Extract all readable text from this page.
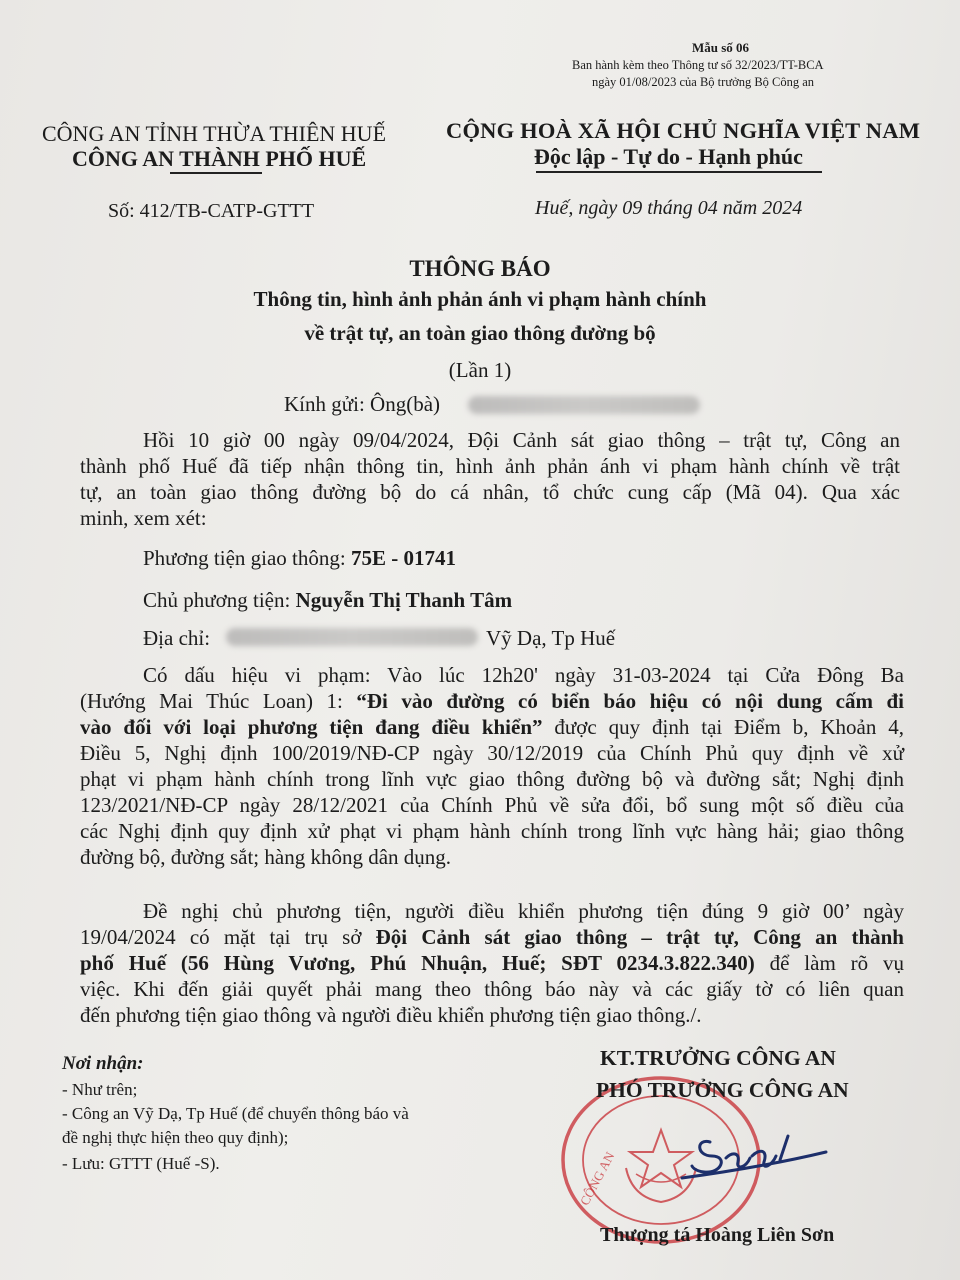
Mẫu số 06
Ban hành kèm theo Thông tư số 32/2023/TT-BCA
ngày 01/08/2023 của Bộ trưởng Bộ Công an
CÔNG AN TỈNH THỪA THIÊN HUẾ
CÔNG AN THÀNH PHỐ HUẾ
CỘNG HOÀ XÃ HỘI CHỦ NGHĨA VIỆT NAM
Độc lập - Tự do - Hạnh phúc
Số: 412/TB-CATP-GTTT	Huế, ngày 09 tháng 04 năm 2024
THÔNG BÁO
Thông tin, hình ảnh phản ánh vi phạm hành chính
về trật tự, an toàn giao thông đường bộ
(Lần 1)
Kính gửi: Ông(bà)
Hồi 10 giờ 00 ngày 09/04/2024, Đội Cảnh sát giao thông – trật tự, Công an
thành phố Huế đã tiếp nhận thông tin, hình ảnh phản ánh vi phạm hành chính về trật
tự, an toàn giao thông đường bộ do cá nhân, tổ chức cung cấp (Mã 04). Qua xác
minh, xem xét:
Phương tiện giao thông: 75E - 01741
Chủ phương tiện: Nguyễn Thị Thanh Tâm
Địa chỉ:	Vỹ Dạ, Tp Huế
Có dấu hiệu vi phạm: Vào lúc 12h20' ngày 31-03-2024 tại Cửa Đông Ba
(Hướng Mai Thúc Loan) 1: “Đi vào đường có biển báo hiệu có nội dung cấm đi
vào đối với loại phương tiện đang điều khiển” được quy định tại Điểm b, Khoản 4,
Điều 5, Nghị định 100/2019/NĐ-CP ngày 30/12/2019 của Chính Phủ quy định về xử
phạt vi phạm hành chính trong lĩnh vực giao thông đường bộ và đường sắt; Nghị định
123/2021/NĐ-CP ngày 28/12/2021 của Chính Phủ về sửa đổi, bổ sung một số điều của
các Nghị định quy định xử phạt vi phạm hành chính trong lĩnh vực hàng hải; giao thông
đường bộ, đường sắt; hàng không dân dụng.
Đề nghị chủ phương tiện, người điều khiển phương tiện đúng 9 giờ 00’ ngày
19/04/2024 có mặt tại trụ sở Đội Cảnh sát giao thông – trật tự, Công an thành
phố Huế (56 Hùng Vương, Phú Nhuận, Huế; SĐT 0234.3.822.340) để làm rõ vụ
việc. Khi đến giải quyết phải mang theo thông báo này và các giấy tờ có liên quan
đến phương tiện giao thông và người điều khiển phương tiện giao thông./.
Nơi nhận:
- Như trên;
- Công an Vỹ Dạ, Tp Huế (để chuyển thông báo và
đề nghị thực hiện theo quy định);
- Lưu: GTTT (Huế -S).	CÔNG AN
KT.TRƯỞNG CÔNG AN
PHÓ TRƯỞNG CÔNG AN
Thượng tá Hoàng Liên Sơn
